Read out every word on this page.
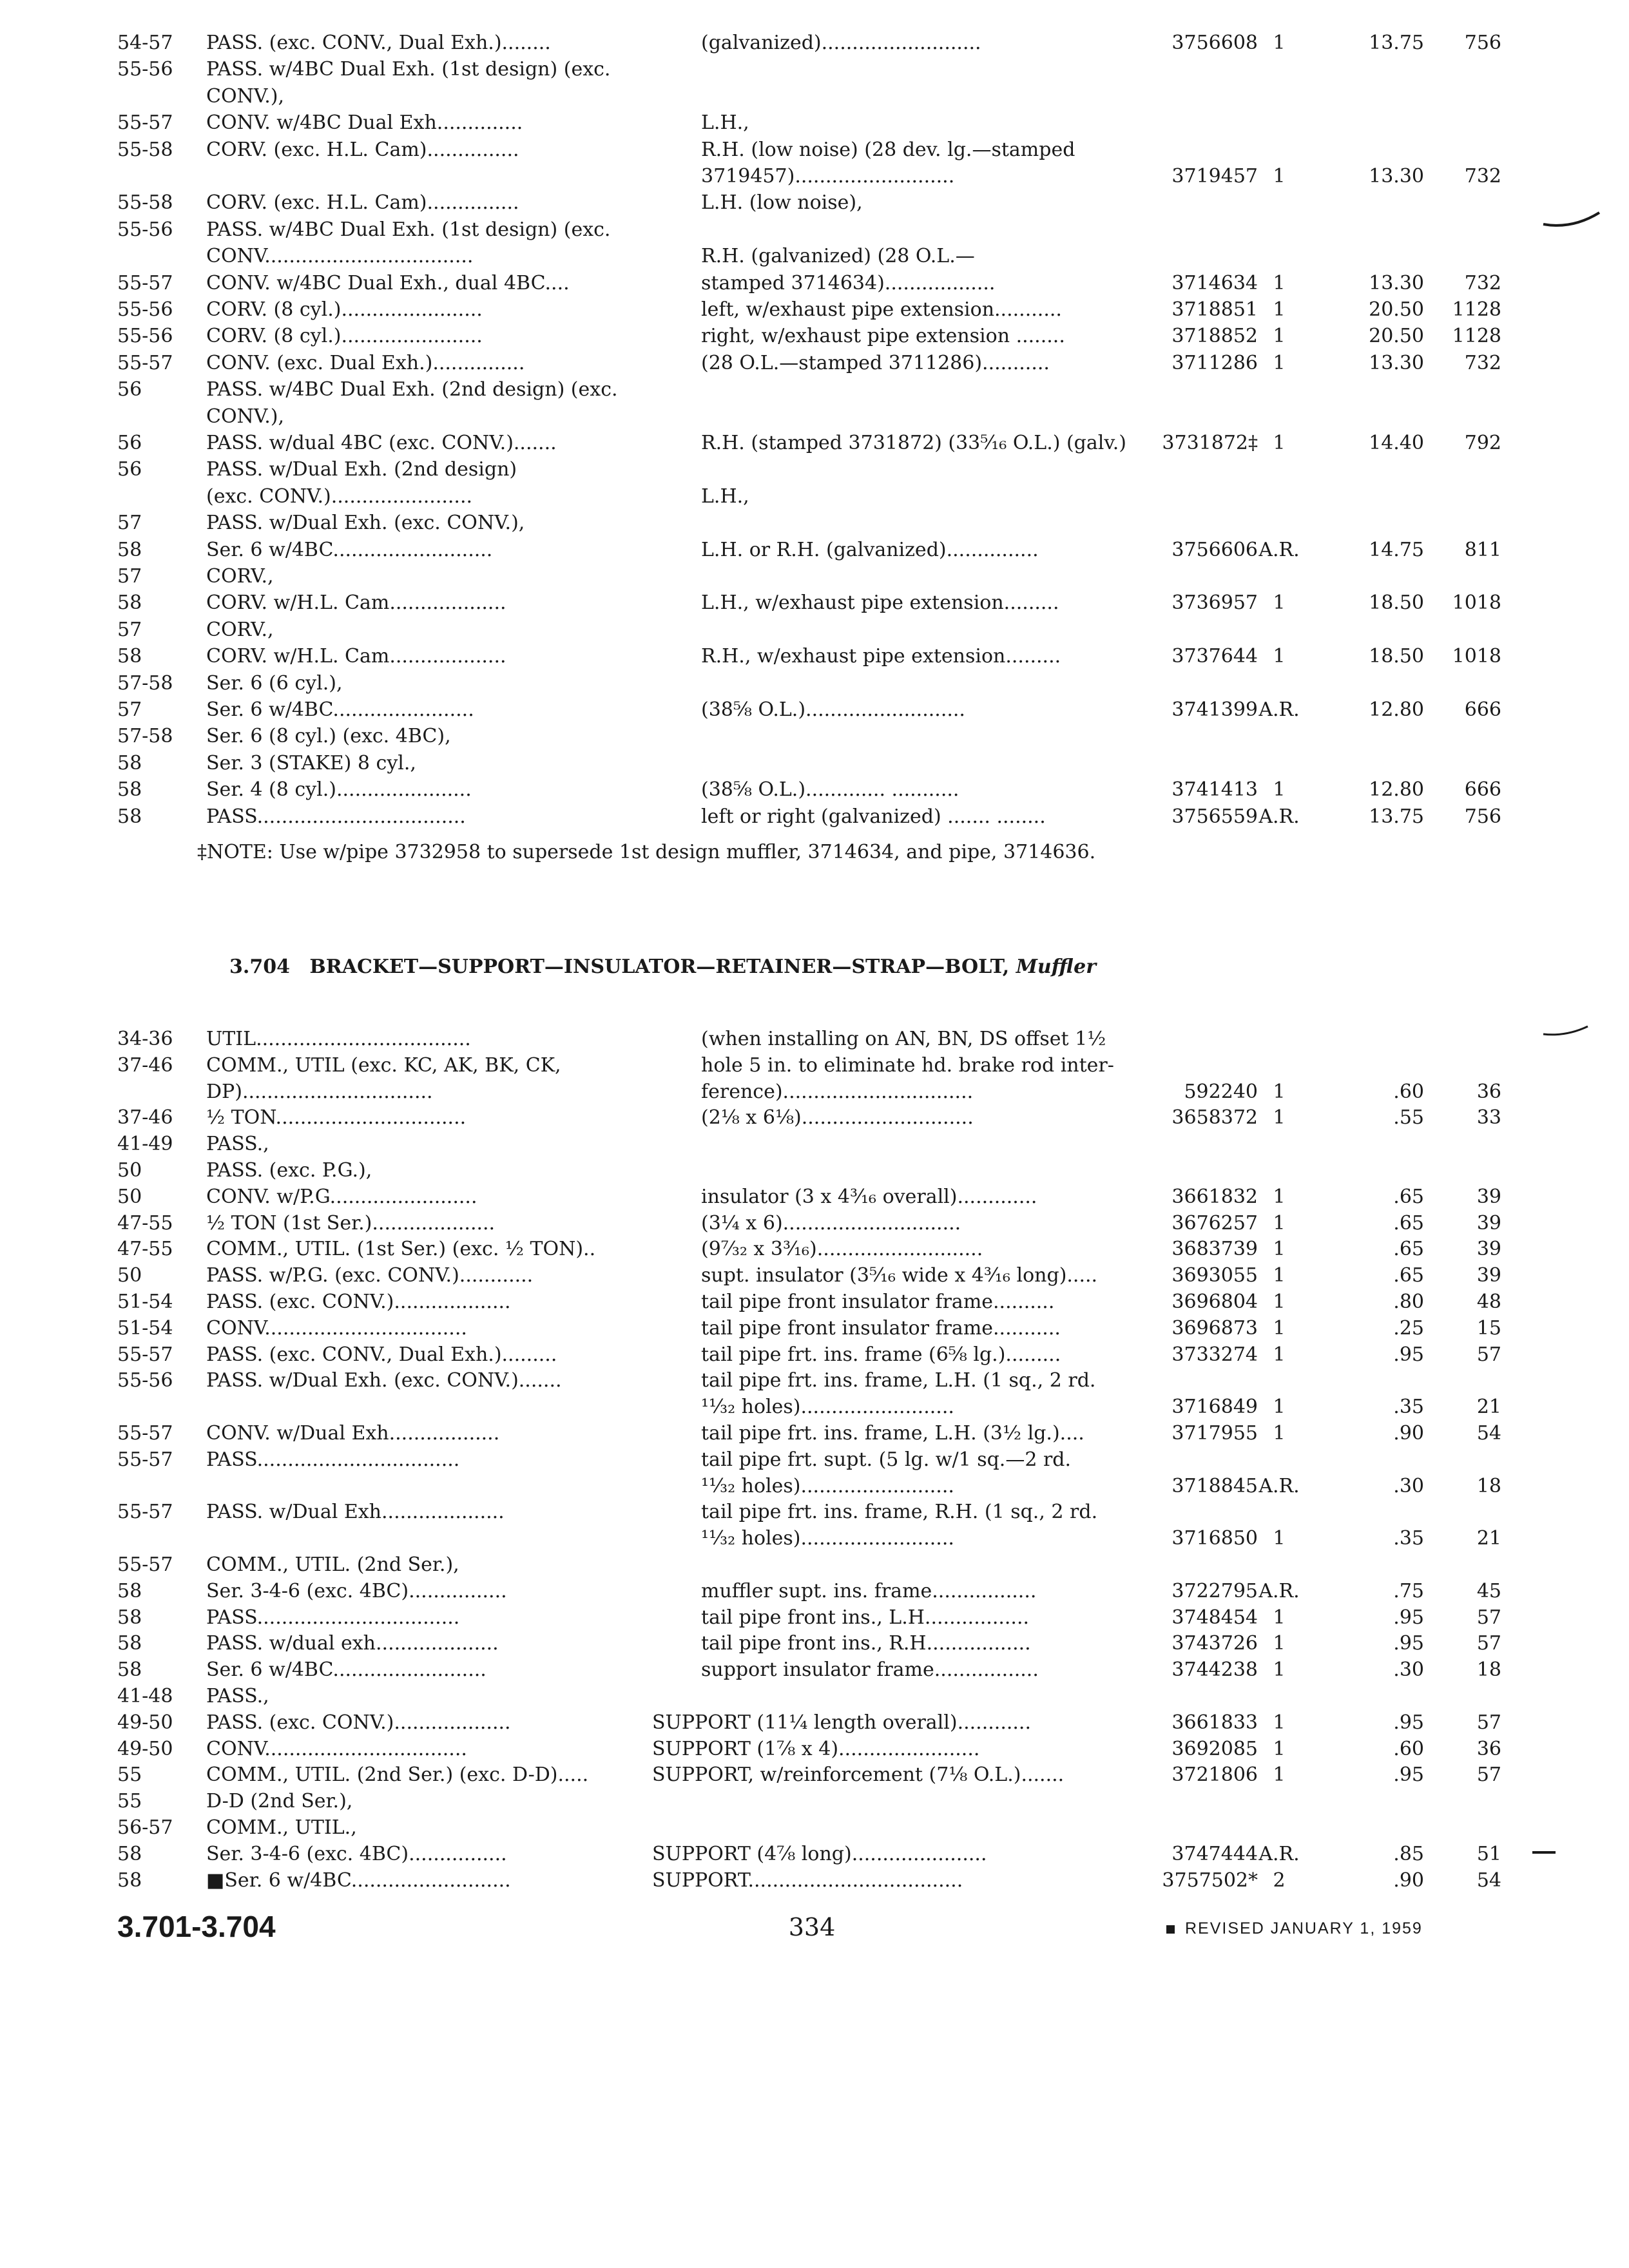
54-57	PASS. (exc. CONV., Dual Exh.)........	(galvanized)..........................	3756608 1	13.75	756
55-56	PASS. w/4BC Dual Exh. (1st design) (exc.
CONV.),
55-57	CONV. w/4BC Dual Exh..............	L.H.,
55-58	CORV. (exc. H.L. Cam)...............	R.H. (low noise) (28 dev. lg.—stamped
3719457)..........................	3719457 1	13.30	732
55-58	CORV. (exc. H.L. Cam)...............	L.H. (low noise),
55-56	PASS. w/4BC Dual Exh. (1st design) (exc.
CONV..................................	R.H. (galvanized) (28 O.L.—
55-57	CONV. w/4BC Dual Exh., dual 4BC....	stamped 3714634)..................	3714634 1	13.30	732
55-56	CORV. (8 cyl.).......................	left, w/exhaust pipe extension...........	3718851 1	20.50	1128
55-56	CORV. (8 cyl.).......................	right, w/exhaust pipe extension ........	3718852 1	20.50	1128
55-57	CONV. (exc. Dual Exh.)...............	(28 O.L.—stamped 3711286)...........	3711286 1	13.30	732
56	PASS. w/4BC Dual Exh. (2nd design) (exc.
CONV.),
56	PASS. w/dual 4BC (exc. CONV.).......	R.H. (stamped 3731872) (33⁵⁄₁₆ O.L.) (galv.)	3731872‡ 1	14.40	792
56	PASS. w/Dual Exh. (2nd design)
(exc. CONV.).......................	L.H.,
57	PASS. w/Dual Exh. (exc. CONV.),
58	Ser. 6 w/4BC..........................	L.H. or R.H. (galvanized)...............	3756606 A.R.	14.75	811
57	CORV.,
58	CORV. w/H.L. Cam...................	L.H., w/exhaust pipe extension.........	3736957 1	18.50	1018
57	CORV.,
58	CORV. w/H.L. Cam...................	R.H., w/exhaust pipe extension.........	3737644 1	18.50	1018
57-58	Ser. 6 (6 cyl.),
57	Ser. 6 w/4BC.......................	(38⅝ O.L.)..........................	3741399 A.R.	12.80	666
57-58	Ser. 6 (8 cyl.) (exc. 4BC),
58	Ser. 3 (STAKE) 8 cyl.,
58	Ser. 4 (8 cyl.)......................	(38⅝ O.L.)............. ...........	3741413 1	12.80	666
58	PASS..................................	left or right (galvanized) ....... ........	3756559 A.R.	13.75	756
‡NOTE: Use w/pipe 3732958 to supersede 1st design muffler, 3714634, and pipe, 3714636.
3.704 BRACKET—SUPPORT—INSULATOR—RETAINER—STRAP—BOLT, Muffler
34-36	UTIL...................................	(when installing on AN, BN, DS offset 1½
37-46	COMM., UTIL (exc. KC, AK, BK, CK,	hole 5 in. to eliminate hd. brake rod inter-
DP)...............................	ference)...............................	592240 1	.60	36
37-46	½ TON...............................	(2⅛ x 6⅛)............................	3658372 1	.55	33
41-49	PASS.,
50	PASS. (exc. P.G.),
50	CONV. w/P.G........................	insulator (3 x 4³⁄₁₆ overall).............	3661832 1	.65	39
47-55	½ TON (1st Ser.)....................	(3¼ x 6).............................	3676257 1	.65	39
47-55	COMM., UTIL. (1st Ser.) (exc. ½ TON)..	(9⁷⁄₃₂ x 3³⁄₁₆)...........................	3683739 1	.65	39
50	PASS. w/P.G. (exc. CONV.)............	supt. insulator (3⁵⁄₁₆ wide x 4³⁄₁₆ long).....	3693055 1	.65	39
51-54	PASS. (exc. CONV.)...................	tail pipe front insulator frame..........	3696804 1	.80	48
51-54	CONV.................................	tail pipe front insulator frame...........	3696873 1	.25	15
55-57	PASS. (exc. CONV., Dual Exh.).........	tail pipe frt. ins. frame (6⅝ lg.).........	3733274 1	.95	57
55-56	PASS. w/Dual Exh. (exc. CONV.).......	tail pipe frt. ins. frame, L.H. (1 sq., 2 rd.
¹¹⁄₃₂ holes).........................	3716849 1	.35	21
55-57	CONV. w/Dual Exh..................	tail pipe frt. ins. frame, L.H. (3½ lg.)....	3717955 1	.90	54
55-57	PASS.................................	tail pipe frt. supt. (5 lg. w/1 sq.—2 rd.
¹¹⁄₃₂ holes).........................	3718845 A.R.	.30	18
55-57	PASS. w/Dual Exh....................	tail pipe frt. ins. frame, R.H. (1 sq., 2 rd.
¹¹⁄₃₂ holes).........................	3716850 1	.35	21
55-57	COMM., UTIL. (2nd Ser.),
58	Ser. 3-4-6 (exc. 4BC)................	muffler supt. ins. frame.................	3722795 A.R.	.75	45
58	PASS.................................	tail pipe front ins., L.H.................	3748454 1	.95	57
58	PASS. w/dual exh....................	tail pipe front ins., R.H.................	3743726 1	.95	57
58	Ser. 6 w/4BC.........................	support insulator frame.................	3744238 1	.30	18
41-48	PASS.,
49-50	PASS. (exc. CONV.)...................	SUPPORT (11¼ length overall)............	3661833 1	.95	57
49-50	CONV.................................	SUPPORT (1⅞ x 4).......................	3692085 1	.60	36
55	COMM., UTIL. (2nd Ser.) (exc. D-D).....	SUPPORT, w/reinforcement (7⅛ O.L.).......	3721806 1	.95	57
55	D-D (2nd Ser.),
56-57	COMM., UTIL.,
58	Ser. 3-4-6 (exc. 4BC)................	SUPPORT (4⅞ long)......................	3747444 A.R.	.85	51
58	■Ser. 6 w/4BC..........................	SUPPORT...................................	3757502* 2	.90	54
3.701-3.704	334	REVISED JANUARY 1, 1959
